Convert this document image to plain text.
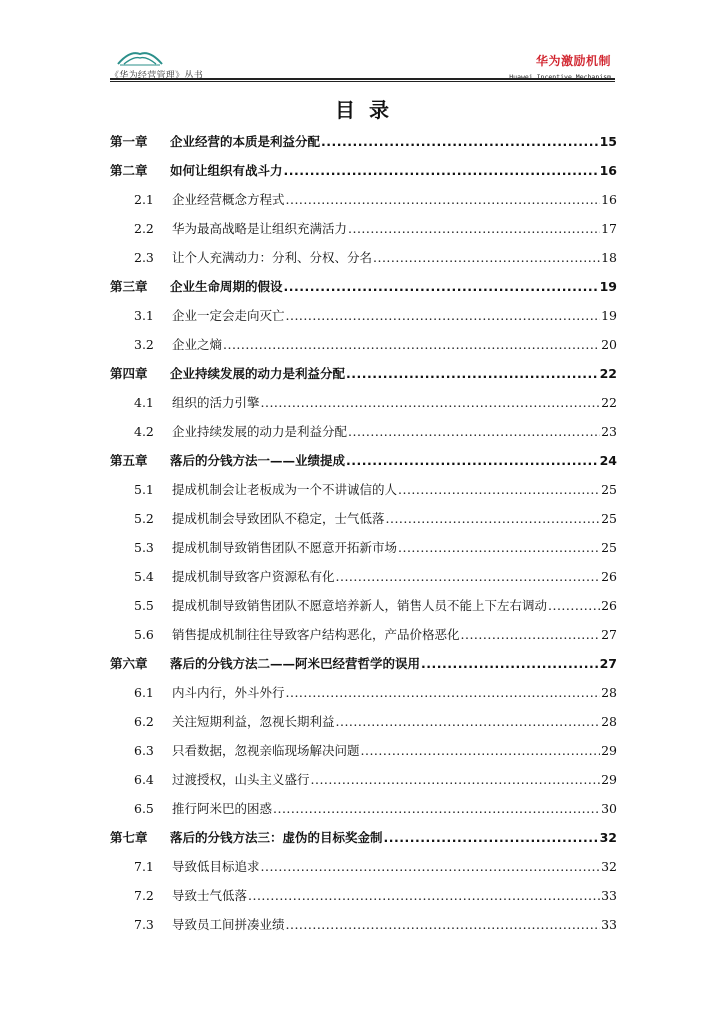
《华为经营管理》丛书
华为激励机制
Huawei Incentive Mechanism
目录
第一章	企业经营的本质是利益分配 .....	15
第二章	如何让组织有战斗力 .....	16
2.1	企业经营概念方程式 .....	16
2.2	华为最高战略是让组织充满活力 .....	17
2.3	让个人充满动力：分利、分权、分名 .....	18
第三章	企业生命周期的假设 .....	19
3.1	企业一定会走向灭亡 .....	19
3.2	企业之熵 .....	20
第四章	企业持续发展的动力是利益分配 .....	22
4.1	组织的活力引擎 .....	22
4.2	企业持续发展的动力是利益分配 .....	23
第五章	落后的分钱方法一——业绩提成 .....	24
5.1	提成机制会让老板成为一个不讲诚信的人 .....	25
5.2	提成机制会导致团队不稳定，士气低落 .....	25
5.3	提成机制导致销售团队不愿意开拓新市场 .....	25
5.4	提成机制导致客户资源私有化 .....	26
5.5	提成机制导致销售团队不愿意培养新人，销售人员不能上下左右调动 .....	26
5.6	销售提成机制往往导致客户结构恶化，产品价格恶化 .....	27
第六章	落后的分钱方法二——阿米巴经营哲学的误用 .....	27
6.1	内斗内行，外斗外行 .....	28
6.2	关注短期利益，忽视长期利益 .....	28
6.3	只看数据，忽视亲临现场解决问题 .....	29
6.4	过渡授权，山头主义盛行 .....	29
6.5	推行阿米巴的困惑 .....	30
第七章	落后的分钱方法三：虚伪的目标奖金制 .....	32
7.1	导致低目标追求 .....	32
7.2	导致士气低落 .....	33
7.3	导致员工间拼凑业绩 .....	33
